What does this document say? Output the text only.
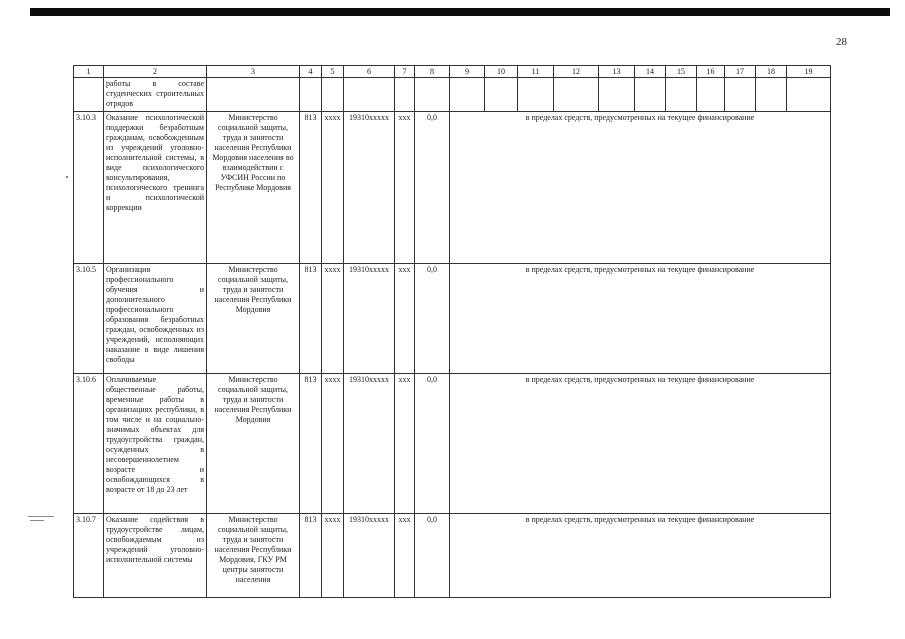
28
1	2	3	4	5	6	7	8	9	10	11	12	13	14	15	16	17	18	19
	работы в составе студенческих строительных отрядов																	
3.10.3	Оказание психологической поддержки безработным гражданам, освобожденным из учреждений уголовно-исполнительной системы, в виде психологического консультирования, психологического тренинга и психологической коррекции	Министерство социальной защиты, труда и занятости населения Республики Мордовия населения во взаимодействии с УФСИН России по Республике Мордовия	813	xxxx	19310xxxxx	xxx	0,0	в пределах средств, предусмотренных на текущее финансирование										
3.10.5	Организация профессионального обучения и дополнительного профессионального образования безработных граждан, освобожденных из учреждений, исполняющих наказание в виде лишения свободы	Министерство социальной защиты, труда и занятости населения Республики Мордовия	813	xxxx	19310xxxxx	xxx	0,0	в пределах средств, предусмотренных на текущее финансирование										
3.10.6	Оплачиваемые общественные работы, временные работы в организациях республики, в том числе и на социально-значимых объектах для трудоустройства граждан, осужденных в несовершеннолетнем возрасте и освобождающихся в возрасте от 18 до 23 лет	Министерство социальной защиты, труда и занятости населения Республики Мордовия	813	xxxx	19310xxxxx	xxx	0,0	в пределах средств, предусмотренных на текущее финансирование										
3.10.7	Оказание содействия в трудоустройстве лицам, освобождаемым из учреждений уголовно-исполнительной системы	Министерство социальной защиты, труда и занятости населения Республики Мордовия, ГКУ РМ центры занятости населения	813	xxxx	19310xxxxx	xxx	0,0	в пределах средств, предусмотренных на текущее финансирование										
